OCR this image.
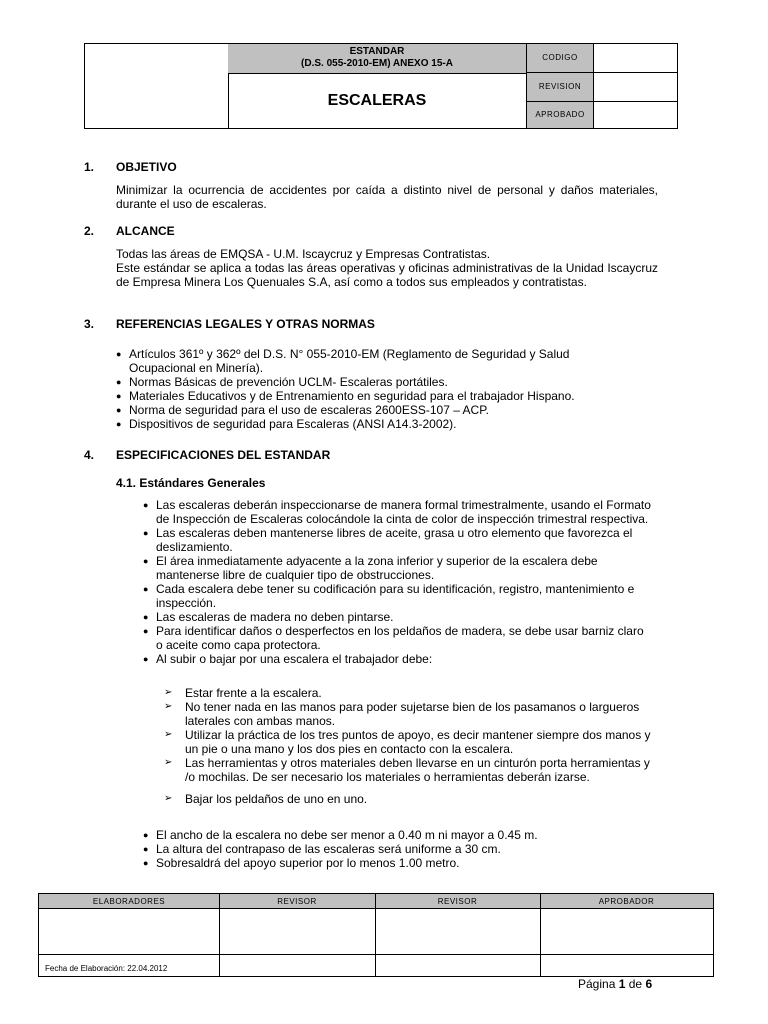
ESTANDAR
(D.S. 055-2010-EM) ANEXO 15-A
ESCALERAS
CODIGO
REVISION
APROBADO
1. OBJETIVO
Minimizar la ocurrencia de accidentes por caída a distinto nivel de personal y daños materiales, durante el uso de escaleras.
2. ALCANCE
Todas las áreas de EMQSA - U.M. Iscaycruz y Empresas Contratistas.
Este estándar se aplica a todas las áreas operativas y oficinas administrativas de la Unidad Iscaycruz de Empresa Minera Los Quenuales S.A, así como a todos sus empleados y contratistas.
3. REFERENCIAS LEGALES Y OTRAS NORMAS
● Artículos 361º y 362º del D.S. N° 055-2010-EM (Reglamento de Seguridad y Salud Ocupacional en Minería).
● Normas Básicas de prevención UCLM- Escaleras portátiles.
● Materiales Educativos y de Entrenamiento en seguridad para el trabajador Hispano.
● Norma de seguridad para el uso de escaleras 2600ESS-107 – ACP.
● Dispositivos de seguridad para Escaleras (ANSI A14.3-2002).
4. ESPECIFICACIONES DEL ESTANDAR
4.1. Estándares Generales
● Las escaleras deberán inspeccionarse de manera formal trimestralmente, usando el Formato de Inspección de Escaleras colocándole la cinta de color de inspección trimestral respectiva.
● Las escaleras deben mantenerse libres de aceite, grasa u otro elemento que favorezca el deslizamiento.
● El área inmediatamente adyacente a la zona inferior y superior de la escalera debe mantenerse libre de cualquier tipo de obstrucciones.
● Cada escalera debe tener su codificación para su identificación, registro, mantenimiento e inspección.
● Las escaleras de madera no deben pintarse.
● Para identificar daños o desperfectos en los peldaños de madera, se debe usar barniz claro o aceite como capa protectora.
● Al subir o bajar por una escalera el trabajador debe:
➢ Estar frente a la escalera.
➢ No tener nada en las manos para poder sujetarse bien de los pasamanos o largueros laterales con ambas manos.
➢ Utilizar la práctica de los tres puntos de apoyo, es decir mantener siempre dos manos y un pie o una mano y los dos pies en contacto con la escalera.
➢ Las herramientas y otros materiales deben llevarse en un cinturón porta herramientas y /o mochilas. De ser necesario los materiales o herramientas deberán izarse.
➢ Bajar los peldaños de uno en uno.
● El ancho de la escalera no debe ser menor a 0.40 m ni mayor a 0.45 m.
● La altura del contrapaso de las escaleras será uniforme a 30 cm.
● Sobresaldrá del apoyo superior por lo menos 1.00 metro.
ELABORADORES	REVISOR	REVISOR	APROBADOR
Fecha de Elaboración: 22.04.2012
Página 1 de 6
